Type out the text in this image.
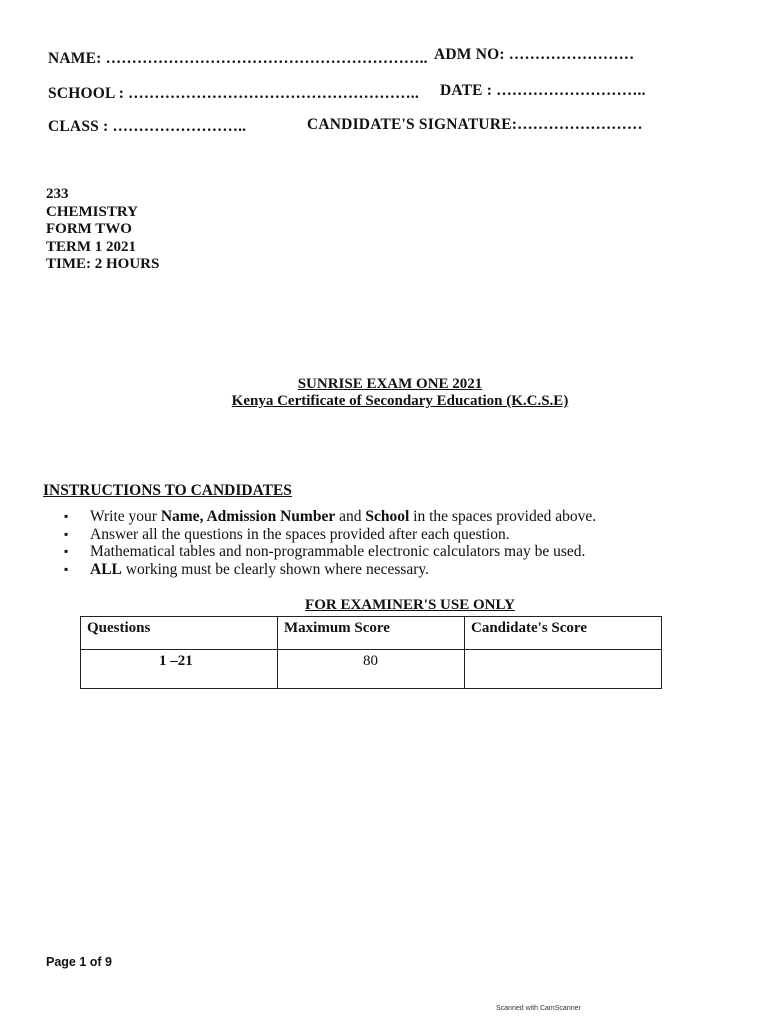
NAME: …………………………………………………….. ADM NO: ……………………
SCHOOL : ……………………………………………….. DATE : ………………………..
CLASS : ……………………..	CANDIDATE'S SIGNATURE:……………………
233
CHEMISTRY
FORM TWO
TERM 1 2021
TIME: 2 HOURS
SUNRISE EXAM ONE 2021
Kenya Certificate of Secondary Education (K.C.S.E)
INSTRUCTIONS TO CANDIDATES
▪ Write your Name, Admission Number and School in the spaces provided above.
▪ Answer all the questions in the spaces provided after each question.
▪ Mathematical tables and non-programmable electronic calculators may be used.
▪ ALL working must be clearly shown where necessary.
FOR EXAMINER'S USE ONLY
Questions	Maximum Score	Candidate's Score
1 –21	80	
Page 1 of 9
Scanned with CamScanner
